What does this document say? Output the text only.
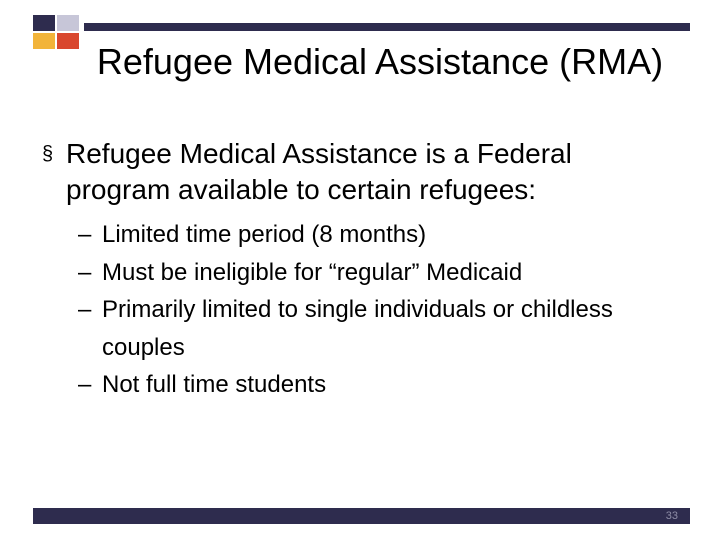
Refugee Medical Assistance (RMA)
§ Refugee Medical Assistance is a Federal program available to certain refugees:
– Limited time period (8 months)
– Must be ineligible for “regular” Medicaid
– Primarily limited to single individuals or childless couples
– Not full time students
33
